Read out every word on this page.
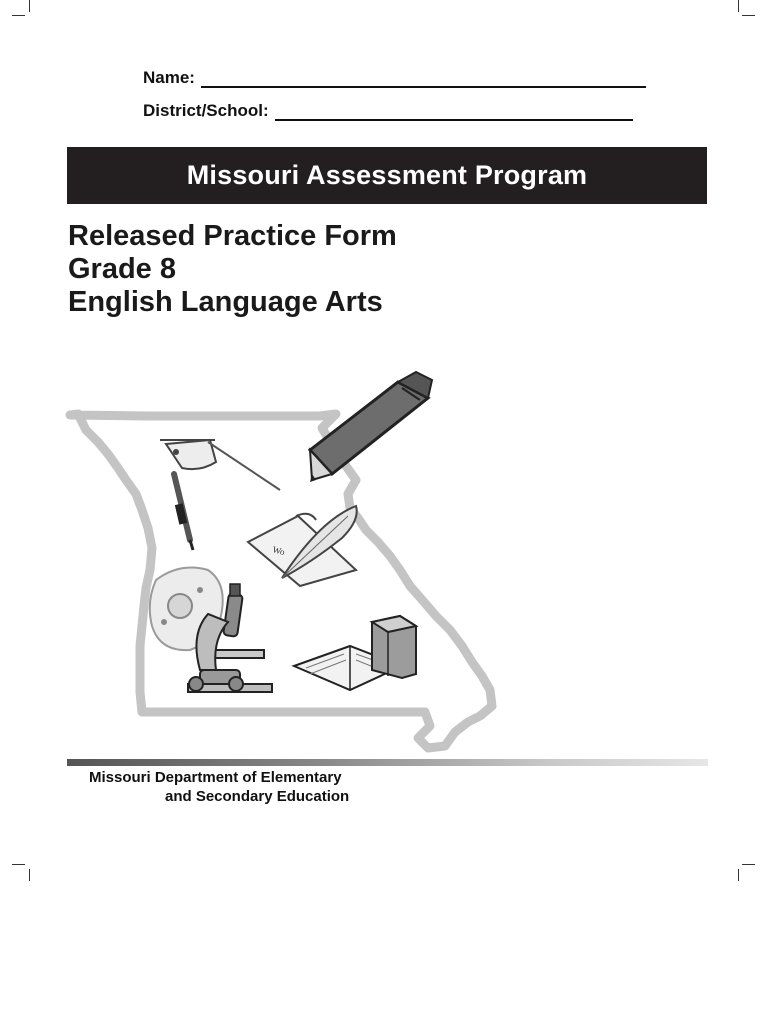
Name:
District/School:
Missouri Assessment Program
Released Practice Form
Grade 8
English Language Arts
Wo
Missouri Department of Elementary
and Secondary Education
